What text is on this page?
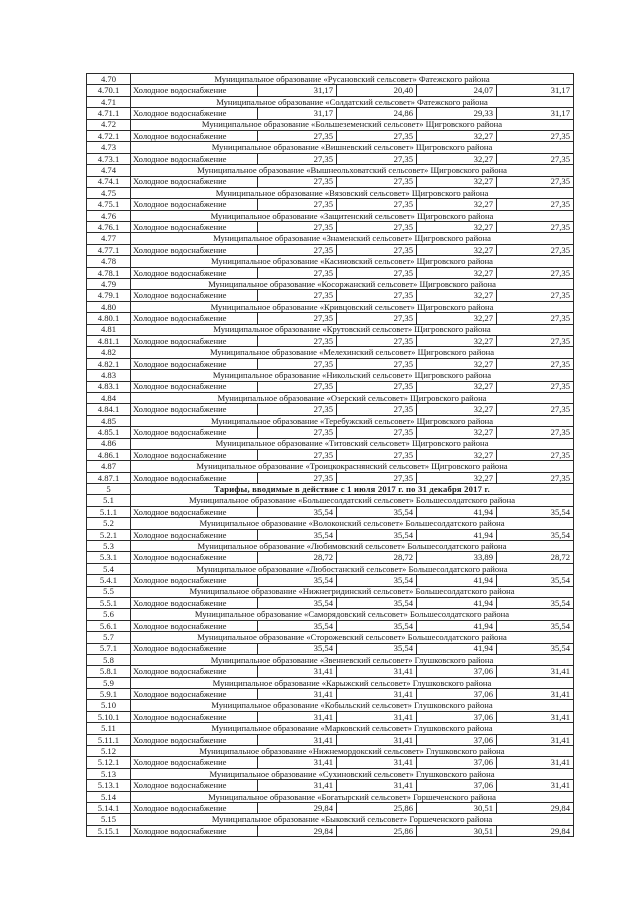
4.70	Муниципальное образование «Русановский сельсовет» Фатежского района				
4.70.1	Холодное водоснабжение	31,17	20,40	24,07	31,17
4.71	Муниципальное образование «Солдатский сельсовет» Фатежского района				
4.71.1	Холодное водоснабжение	31,17	24,86	29,33	31,17
4.72	Муниципальное образование «Большеземенский сельсовет» Щигровского района				
4.72.1	Холодное водоснабжение	27,35	27,35	32,27	27,35
4.73	Муниципальное образование «Вишневский сельсовет» Щигровского района				
4.73.1	Холодное водоснабжение	27,35	27,35	32,27	27,35
4.74	Муниципальное образование «Вышнеольховатский сельсовет» Щигровского района				
4.74.1	Холодное водоснабжение	27,35	27,35	32,27	27,35
4.75	Муниципальное образование «Вязовский сельсовет» Щигровского района				
4.75.1	Холодное водоснабжение	27,35	27,35	32,27	27,35
4.76	Муниципальное образование «Защитенский сельсовет» Щигровского района				
4.76.1	Холодное водоснабжение	27,35	27,35	32,27	27,35
4.77	Муниципальное образование «Знаменский сельсовет» Щигровского района				
4.77.1	Холодное водоснабжение	27,35	27,35	32,27	27,35
4.78	Муниципальное образование «Касиновский сельсовет» Щигровского района				
4.78.1	Холодное водоснабжение	27,35	27,35	32,27	27,35
4.79	Муниципальное образование «Косоржанский сельсовет» Щигровского района				
4.79.1	Холодное водоснабжение	27,35	27,35	32,27	27,35
4.80	Муниципальное образование «Кривцовский сельсовет» Щигровского района				
4.80.1	Холодное водоснабжение	27,35	27,35	32,27	27,35
4.81	Муниципальное образование «Крутовский сельсовет» Щигровского района				
4.81.1	Холодное водоснабжение	27,35	27,35	32,27	27,35
4.82	Муниципальное образование «Мелехинский сельсовет» Щигровского района				
4.82.1	Холодное водоснабжение	27,35	27,35	32,27	27,35
4.83	Муниципальное образование «Никольский сельсовет» Щигровского района				
4.83.1	Холодное водоснабжение	27,35	27,35	32,27	27,35
4.84	Муниципальное образование «Озерский сельсовет» Щигровского района				
4.84.1	Холодное водоснабжение	27,35	27,35	32,27	27,35
4.85	Муниципальное образование «Теребужский сельсовет» Щигровского района				
4.85.1	Холодное водоснабжение	27,35	27,35	32,27	27,35
4.86	Муниципальное образование «Титовский сельсовет» Щигровского района				
4.86.1	Холодное водоснабжение	27,35	27,35	32,27	27,35
4.87	Муниципальное образование «Троицкокраснянский сельсовет» Щигровского района				
4.87.1	Холодное водоснабжение	27,35	27,35	32,27	27,35
5	Тарифы, вводимые в действие с 1 июля 2017 г. по 31 декабря 2017 г.				
5.1	Муниципальное образование «Большесолдатский сельсовет» Большесолдатского района				
5.1.1	Холодное водоснабжение	35,54	35,54	41,94	35,54
5.2	Муниципальное образование «Волоконский сельсовет» Большесолдатского района				
5.2.1	Холодное водоснабжение	35,54	35,54	41,94	35,54
5.3	Муниципальное образование «Любимовский сельсовет» Большесолдатского района				
5.3.1	Холодное водоснабжение	28,72	28,72	33,89	28,72
5.4	Муниципальное образование «Любостанский сельсовет» Большесолдатского района				
5.4.1	Холодное водоснабжение	35,54	35,54	41,94	35,54
5.5	Муниципальное образование «Нижнегридинский сельсовет» Большесолдатского района				
5.5.1	Холодное водоснабжение	35,54	35,54	41,94	35,54
5.6	Муниципальное образование «Саморядовский сельсовет» Большесолдатского района				
5.6.1	Холодное водоснабжение	35,54	35,54	41,94	35,54
5.7	Муниципальное образование «Сторожевский сельсовет» Большесолдатского района				
5.7.1	Холодное водоснабжение	35,54	35,54	41,94	35,54
5.8	Муниципальное образование «Звенневский сельсовет» Глушковского района				
5.8.1	Холодное водоснабжение	31,41	31,41	37,06	31,41
5.9	Муниципальное образование «Карыжский сельсовет» Глушковского района				
5.9.1	Холодное водоснабжение	31,41	31,41	37,06	31,41
5.10	Муниципальное образование «Кобыльский сельсовет» Глушковского района				
5.10.1	Холодное водоснабжение	31,41	31,41	37,06	31,41
5.11	Муниципальное образование «Марковский сельсовет» Глушковского района				
5.11.1	Холодное водоснабжение	31,41	31,41	37,06	31,41
5.12	Муниципальное образование «Нижнемордокский сельсовет» Глушковского района				
5.12.1	Холодное водоснабжение	31,41	31,41	37,06	31,41
5.13	Муниципальное образование «Сухиновский сельсовет» Глушковского района				
5.13.1	Холодное водоснабжение	31,41	31,41	37,06	31,41
5.14	Муниципальное образование «Богатырский сельсовет» Горшеченского района				
5.14.1	Холодное водоснабжение	29,84	25,86	30,51	29,84
5.15	Муниципальное образование «Быковский сельсовет» Горшеченского района				
5.15.1	Холодное водоснабжение	29,84	25,86	30,51	29,84
